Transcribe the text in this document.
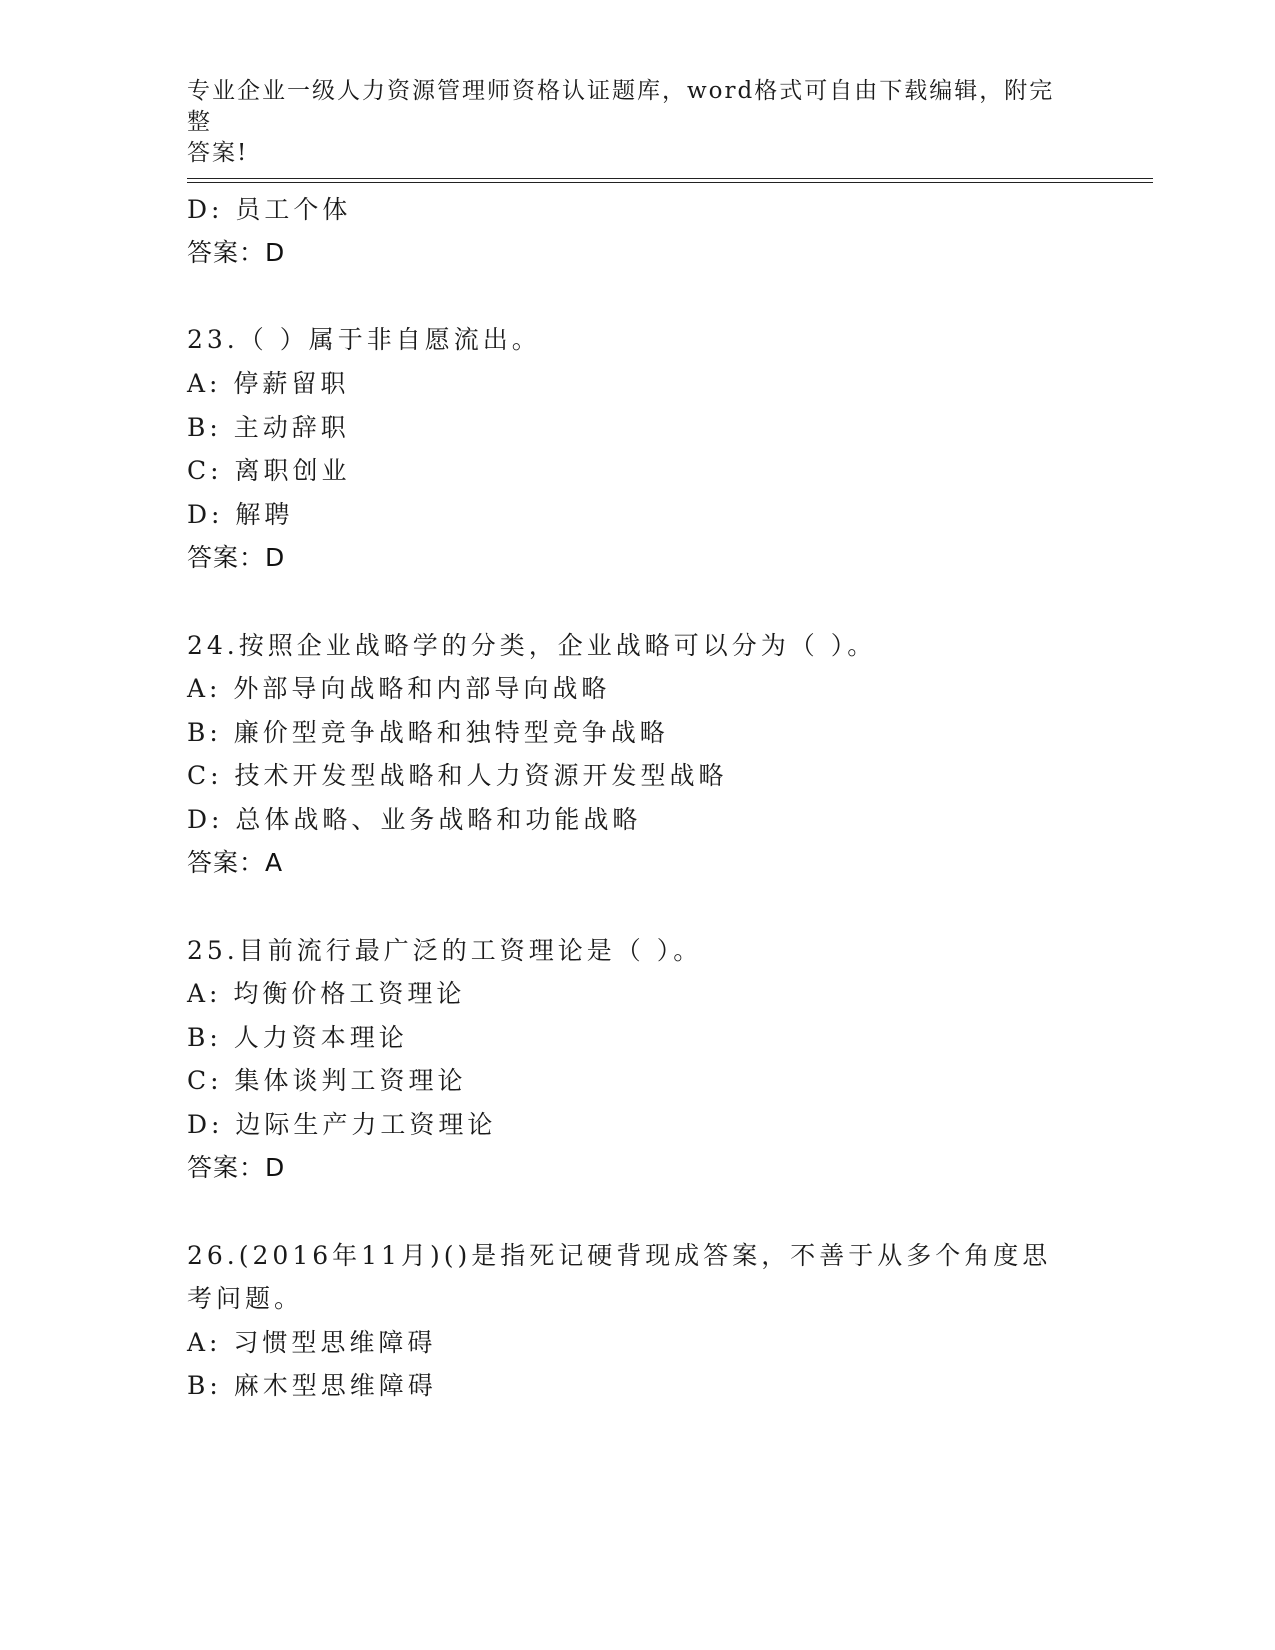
专业企业一级人力资源管理师资格认证题库，word格式可自由下载编辑，附完整
答案!
D: 员工个体
答案：D
23.（ ）属于非自愿流出。
A: 停薪留职
B: 主动辞职
C: 离职创业
D: 解聘
答案：D
24.按照企业战略学的分类，企业战略可以分为（ ）。
A: 外部导向战略和内部导向战略
B: 廉价型竞争战略和独特型竞争战略
C: 技术开发型战略和人力资源开发型战略
D: 总体战略、业务战略和功能战略
答案：A
25.目前流行最广泛的工资理论是（ ）。
A: 均衡价格工资理论
B: 人力资本理论
C: 集体谈判工资理论
D: 边际生产力工资理论
答案：D
26.(2016年11月)()是指死记硬背现成答案，不善于从多个角度思
考问题。
A: 习惯型思维障碍
B: 麻木型思维障碍
